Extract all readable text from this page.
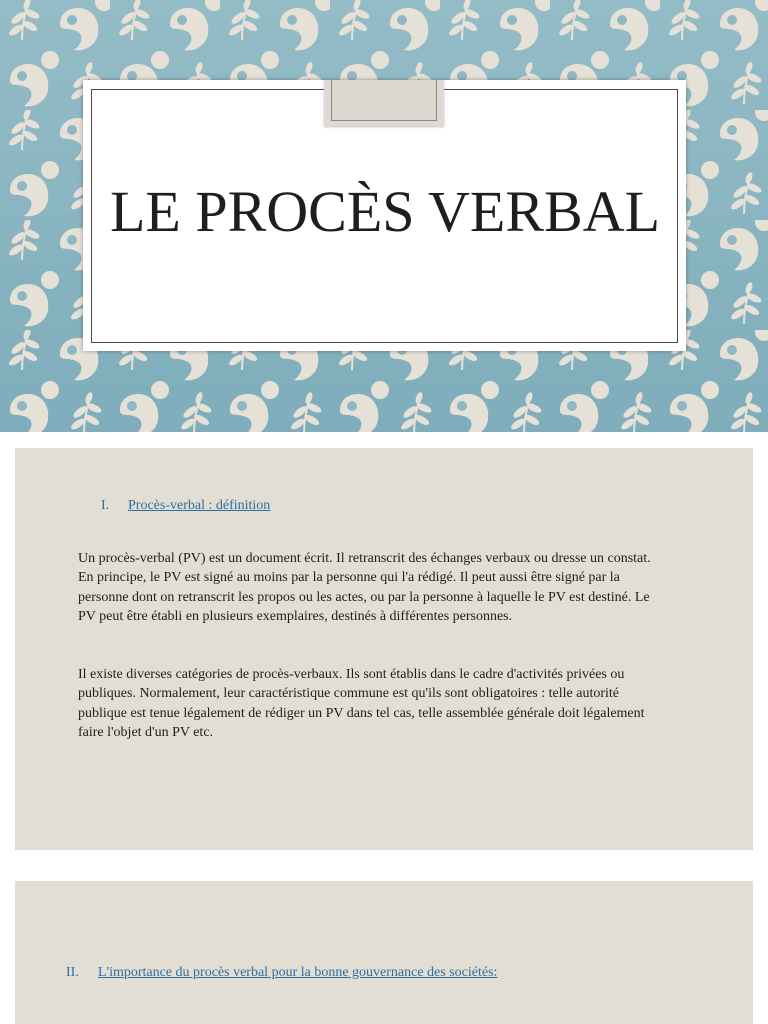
LE PROCÈS VERBAL
I. Procès-verbal : définition

Un procès-verbal (PV) est un document écrit. Il retranscrit des échanges verbaux ou dresse un constat. En principe, le PV est signé au moins par la personne qui l'a rédigé. Il peut aussi être signé par la personne dont on retranscrit les propos ou les actes, ou par la personne à laquelle le PV est destiné. Le PV peut être établi en plusieurs exemplaires, destinés à différentes personnes.

Il existe diverses catégories de procès-verbaux. Ils sont établis dans le cadre d'activités privées ou publiques. Normalement, leur caractéristique commune est qu'ils sont obligatoires : telle autorité publique est tenue légalement de rédiger un PV dans tel cas, telle assemblée générale doit légalement faire l'objet d'un PV etc.

II. L'importance du procès verbal pour la bonne gouvernance des sociétés:
